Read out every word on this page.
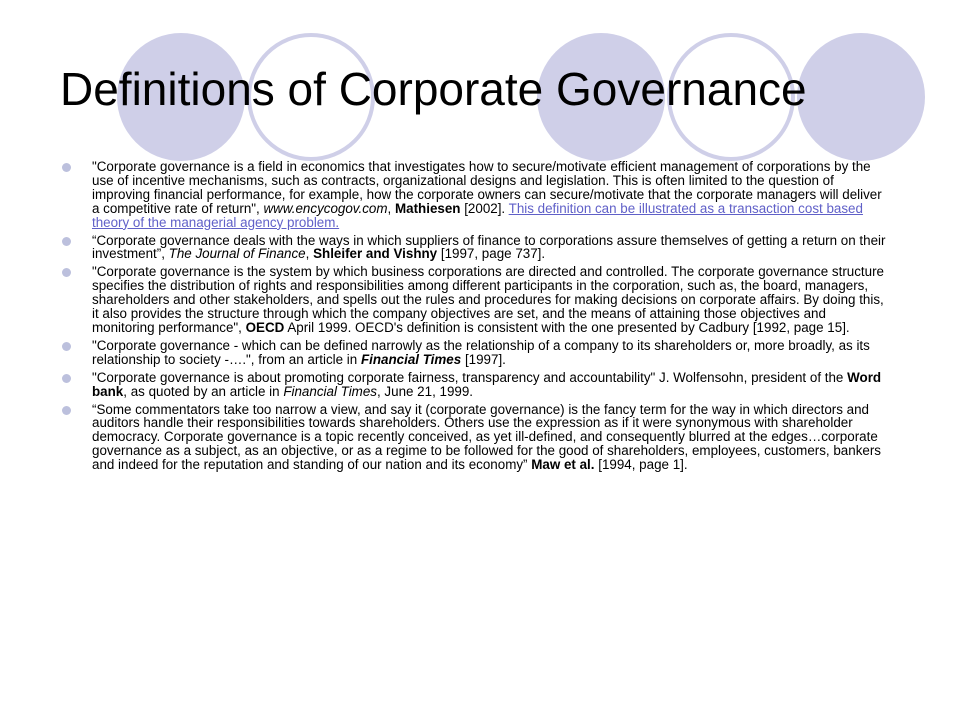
Definitions of Corporate Governance
"Corporate governance is a field in economics that investigates how to secure/motivate efficient management of corporations by the use of incentive mechanisms, such as contracts, organizational designs and legislation. This is often limited to the question of improving financial performance, for example, how the corporate owners can secure/motivate that the corporate managers will deliver a competitive rate of return", www.encycogov.com, Mathiesen [2002]. This definition can be illustrated as a transaction cost based theory of the managerial agency problem.
“Corporate governance deals with the ways in which suppliers of finance to corporations assure themselves of getting a return on their investment”, The Journal of Finance, Shleifer and Vishny [1997, page 737].
"Corporate governance is the system by which business corporations are directed and controlled. The corporate governance structure specifies the distribution of rights and responsibilities among different participants in the corporation, such as, the board, managers, shareholders and other stakeholders, and spells out the rules and procedures for making decisions on corporate affairs. By doing this, it also provides the structure through which the company objectives are set, and the means of attaining those objectives and monitoring performance", OECD April 1999. OECD's definition is consistent with the one presented by Cadbury [1992, page 15].
"Corporate governance - which can be defined narrowly as the relationship of a company to its shareholders or, more broadly, as its relationship to society -….", from an article in Financial Times [1997].
"Corporate governance is about promoting corporate fairness, transparency and accountability" J. Wolfensohn, president of the Word bank, as quoted by an article in Financial Times, June 21, 1999.
“Some commentators take too narrow a view, and say it (corporate governance) is the fancy term for the way in which directors and auditors handle their responsibilities towards shareholders. Others use the expression as if it were synonymous with shareholder democracy. Corporate governance is a topic recently conceived, as yet ill-defined, and consequently blurred at the edges…corporate governance as a subject, as an objective, or as a regime to be followed for the good of shareholders, employees, customers, bankers and indeed for the reputation and standing of our nation and its economy” Maw et al. [1994, page 1].
